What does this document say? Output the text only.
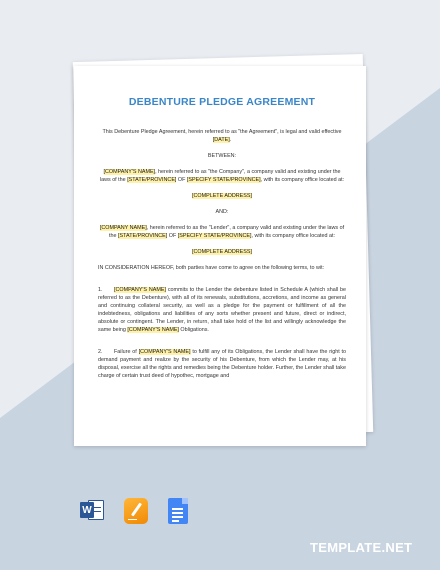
DEBENTURE PLEDGE AGREEMENT

This Debenture Pledge Agreement, herein referred to as "the Agreement", is legal and valid effective [DATE].

BETWEEN:

[COMPANY'S NAME], herein referred to as "the Company", a company valid and existing under the laws of the [STATE/PROVINCE] OF [SPECIFY STATE/PROVINCE], with its company office located at:

[COMPLETE ADDRESS]

AND:

[COMPANY NAME], herein referred to as the "Lender", a company valid and existing under the laws of the [STATE/PROVINCE] OF [SPECIFY STATE/PROVINCE], with its company office located at:

[COMPLETE ADDRESS]

IN CONSIDERATION HEREOF, both parties have come to agree on the following terms, to wit:

1. [COMPANY'S NAME] commits to the Lender the debenture listed in Schedule A (which shall be referred to as the Debenture), with all of its renewals, substitutions, accretions, and income as general and continuing collateral security, as well as a pledge for the payment or fulfillment of all the indebtedness, obligations and liabilities of any sorts whether present and future, direct or indirect, absolute or contingent. The Lender, in return, shall take hold of the list and willingly acknowledge the same being [COMPANY'S NAME] Obligations.

2. Failure of [COMPANY'S NAME] to fulfill any of its Obligations, the Lender shall have the right to demand payment and realize by the security of his Debenture, from which the Lender may, at his disposal, exercise all the rights and remedies being the Debenture holder. Further, the Lender shall take charge of certain trust deed of hypothec, mortgage and

W
TEMPLATE.NET
